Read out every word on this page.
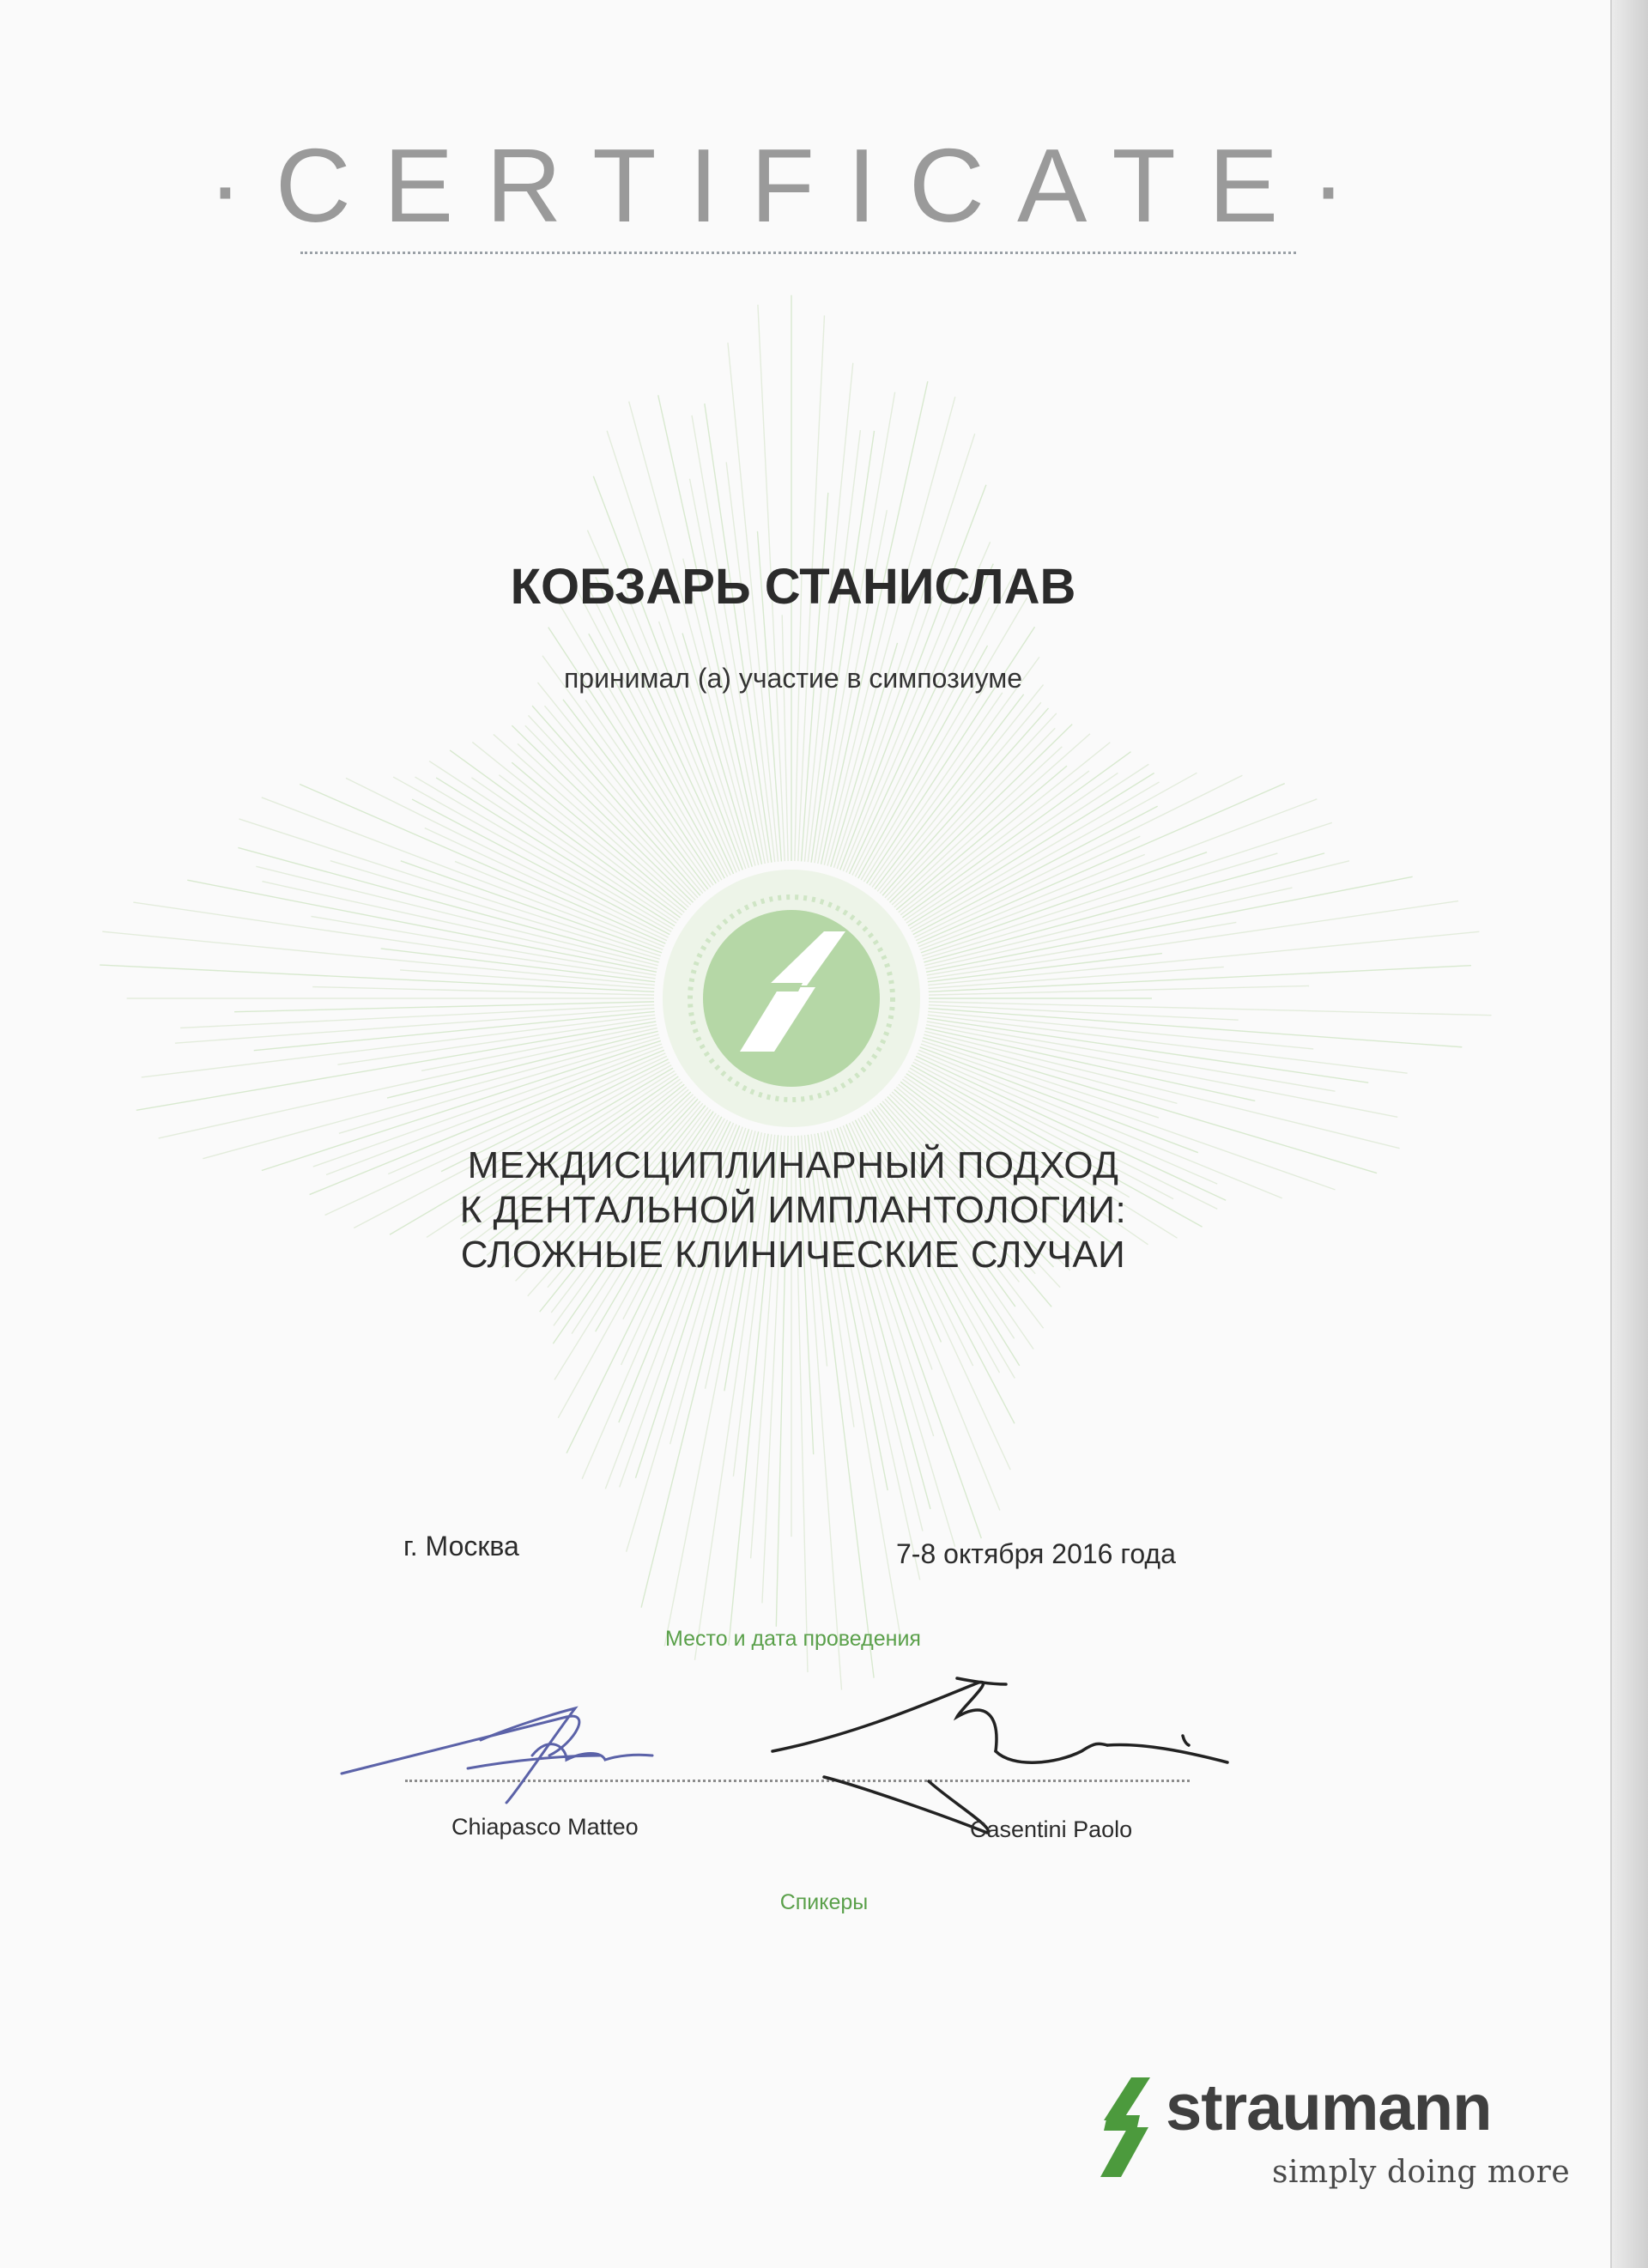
·CERTIFICATE·
КОБЗАРЬ СТАНИСЛАВ
принимал (а) участие в симпозиуме
МЕЖДИСЦИПЛИНАРНЫЙ ПОДХОД
К ДЕНТАЛЬНОЙ ИМПЛАНТОЛОГИИ:
СЛОЖНЫЕ КЛИНИЧЕСКИЕ СЛУЧАИ
г. Москва	7-8 октября 2016 года
Место и дата проведения
Chiapasco Matteo	Casentini Paolo
Спикеры
straumann
simply doing more
